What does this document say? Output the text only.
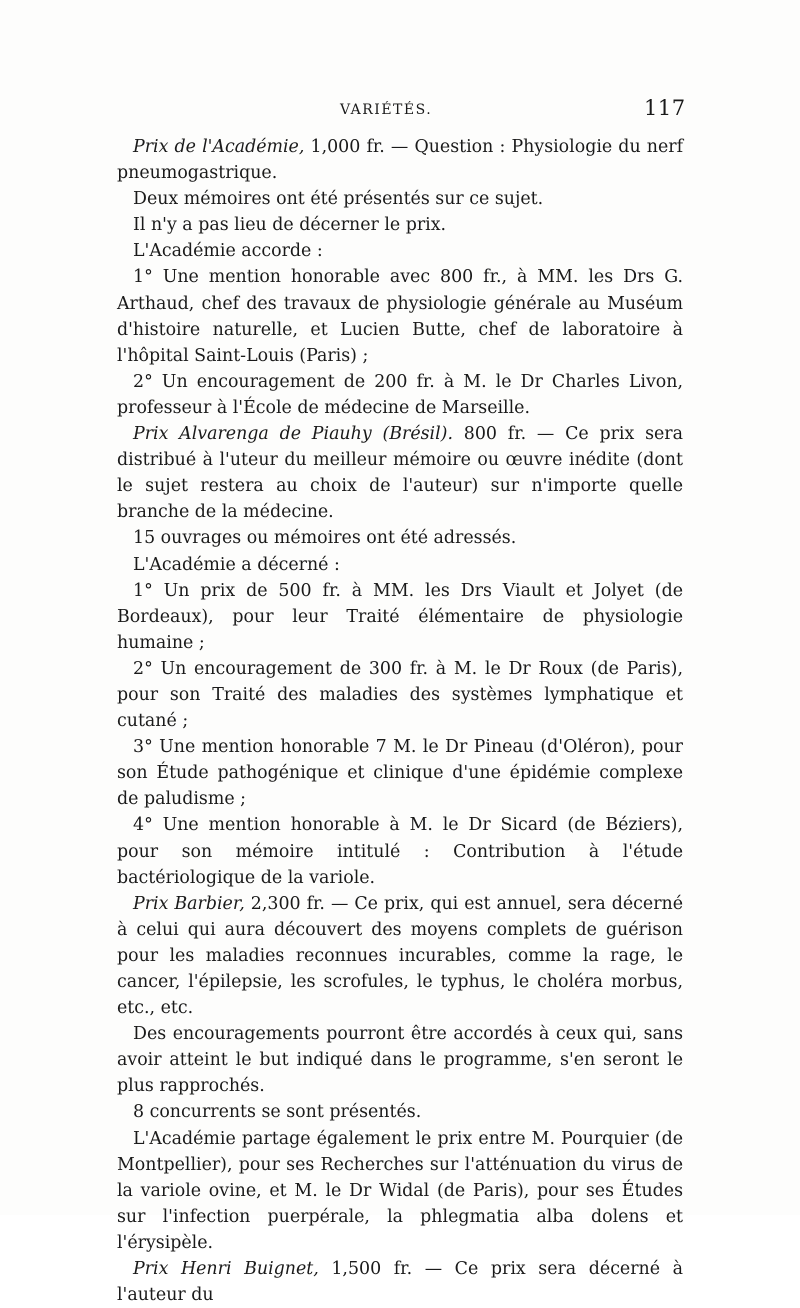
VARIÉTÉS.	117

Prix de l'Académie, 1,000 fr. — Question : Physiologie du nerf pneumogastrique.

Deux mémoires ont été présentés sur ce sujet.

Il n'y a pas lieu de décerner le prix.

L'Académie accorde :

1° Une mention honorable avec 800 fr., à MM. les Drs G. Arthaud, chef des travaux de physiologie générale au Muséum d'histoire naturelle, et Lucien Butte, chef de laboratoire à l'hôpital Saint-Louis (Paris) ;

2° Un encouragement de 200 fr. à M. le Dr Charles Livon, professeur à l'École de médecine de Marseille.

Prix Alvarenga de Piauhy (Brésil). 800 fr. — Ce prix sera distribué à l'uteur du meilleur mémoire ou œuvre inédite (dont le sujet restera au choix de l'auteur) sur n'importe quelle branche de la médecine.

15 ouvrages ou mémoires ont été adressés.

L'Académie a décerné :

1° Un prix de 500 fr. à MM. les Drs Viault et Jolyet (de Bordeaux), pour leur Traité élémentaire de physiologie humaine ;

2° Un encouragement de 300 fr. à M. le Dr Roux (de Paris), pour son Traité des maladies des systèmes lymphatique et cutané ;

3° Une mention honorable 7 M. le Dr Pineau (d'Oléron), pour son Étude pathogénique et clinique d'une épidémie complexe de paludisme ;

4° Une mention honorable à M. le Dr Sicard (de Béziers), pour son mémoire intitulé : Contribution à l'étude bactériologique de la variole.

Prix Barbier, 2,300 fr. — Ce prix, qui est annuel, sera décerné à celui qui aura découvert des moyens complets de guérison pour les maladies reconnues incurables, comme la rage, le cancer, l'épilepsie, les scrofules, le typhus, le choléra morbus, etc., etc.

Des encouragements pourront être accordés à ceux qui, sans avoir atteint le but indiqué dans le programme, s'en seront le plus rapprochés.

8 concurrents se sont présentés.

L'Académie partage également le prix entre M. Pourquier (de Montpellier), pour ses Recherches sur l'atténuation du virus de la variole ovine, et M. le Dr Widal (de Paris), pour ses Études sur l'infection puerpérale, la phlegmatia alba dolens et l'érysipèle.

Prix Henri Buignet, 1,500 fr. — Ce prix sera décerné à l'auteur du
